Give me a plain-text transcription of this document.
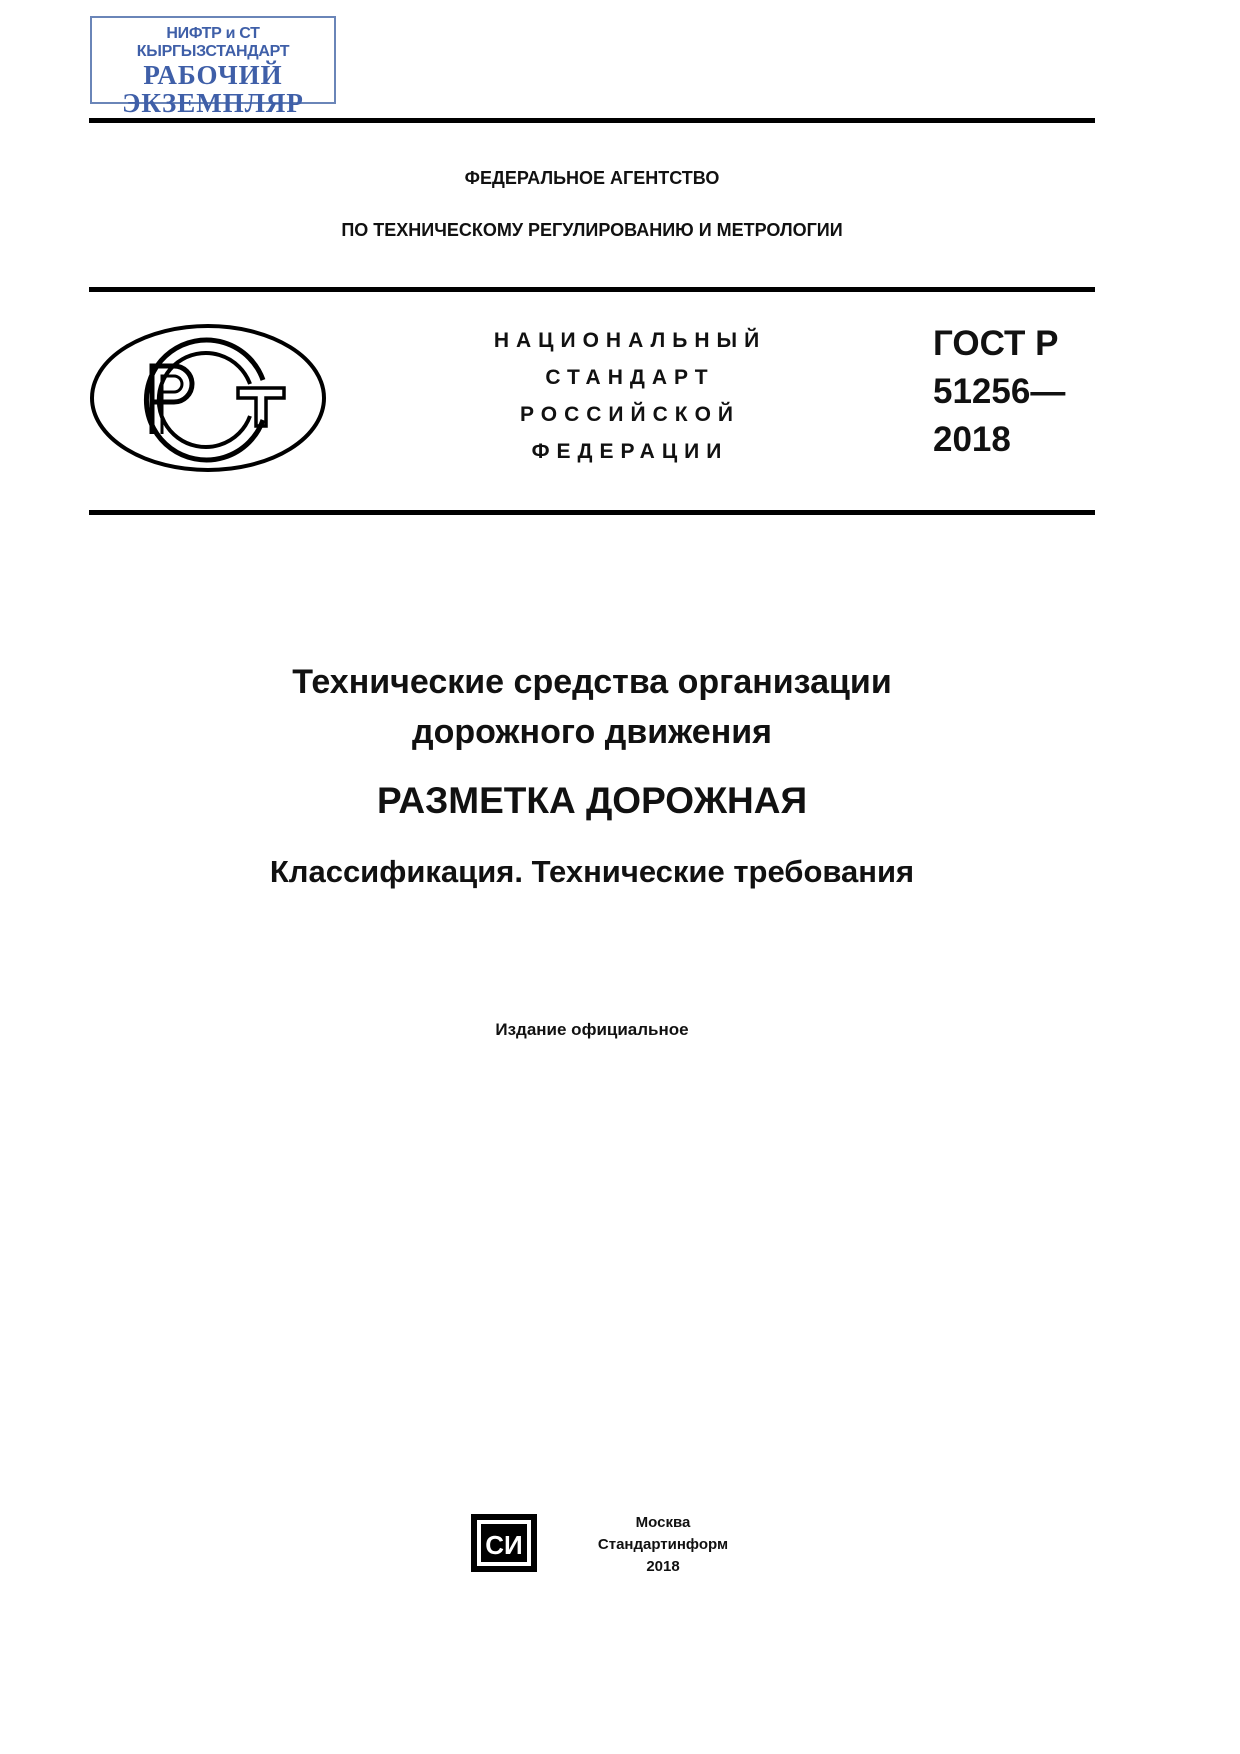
НИФТР и СТ КЫРГЫЗСТАНДАРТ
РАБОЧИЙ
ЭКЗЕМПЛЯР
ФЕДЕРАЛЬНОЕ АГЕНТСТВО
ПО ТЕХНИЧЕСКОМУ РЕГУЛИРОВАНИЮ И МЕТРОЛОГИИ
НАЦИОНАЛЬНЫЙ
СТАНДАРТ
РОССИЙСКОЙ
ФЕДЕРАЦИИ
ГОСТ Р
51256—
2018
Технические средства организации
дорожного движения
РАЗМЕТКА ДОРОЖНАЯ
Классификация. Технические требования
Издание официальное
СИ
Москва
Стандартинформ
2018
